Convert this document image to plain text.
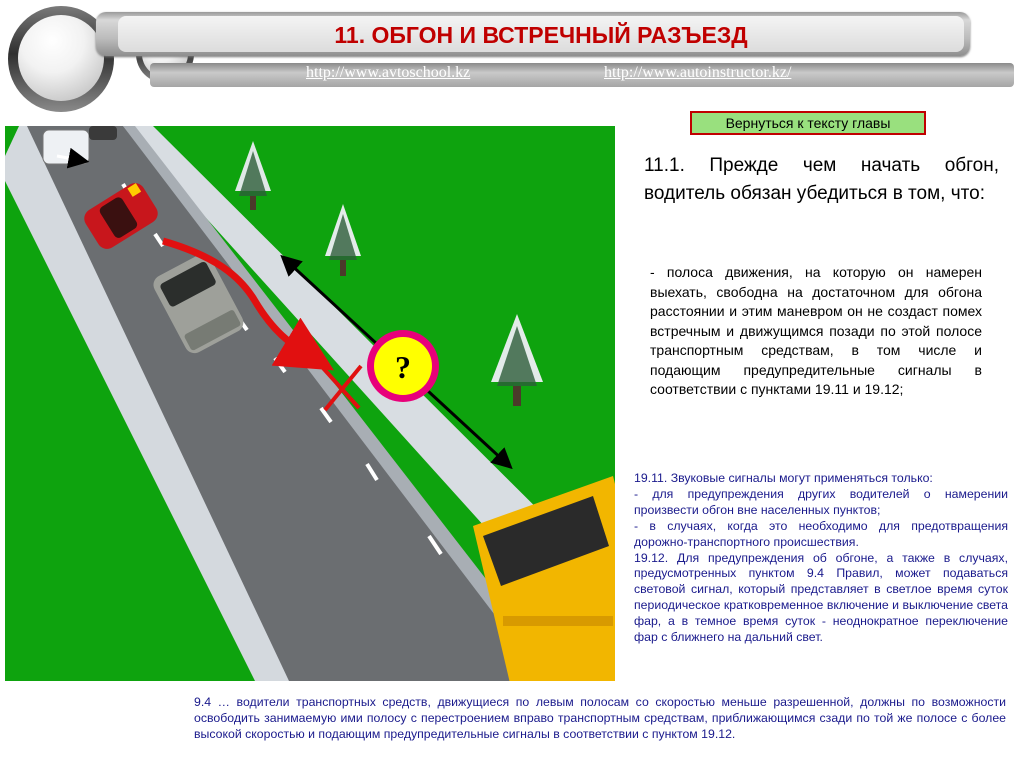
11. ОБГОН И ВСТРЕЧНЫЙ РАЗЪЕЗД
http://www.avtoschool.kz	http://www.autoinstructor.kz/
Вернуться к тексту главы
?
11.1. Прежде чем начать обгон, водитель обязан убедиться в том, что:
- полоса движения, на которую он намерен выехать, свободна на достаточном для обгона расстоянии и этим маневром он не создаст помех встречным и движущимся позади по этой полосе транспортным средствам, в том числе и подающим предупредительные сигналы в соответствии с пунктами 19.11 и 19.12;

19.11. Звуковые сигналы могут применяться только:

- для предупреждения других водителей о намерении произвести обгон вне населенных пунктов;

- в случаях, когда это необходимо для предотвращения дорожно-транспортного происшествия.

19.12. Для предупреждения об обгоне, а также в случаях, предусмотренных пунктом 9.4 Правил, может подаваться световой сигнал, который представляет в светлое время суток периодическое кратковременное включение и выключение света фар, а в темное время суток - неоднократное переключение фар с ближнего на дальний свет.

9.4 … водители транспортных средств, движущиеся по левым полосам со скоростью меньше разрешенной, должны по возможности освободить занимаемую ими полосу с перестроением вправо транспортным средствам, приближающимся сзади по той же полосе с более высокой скоростью и подающим предупредительные сигналы в соответствии с пунктом 19.12.
